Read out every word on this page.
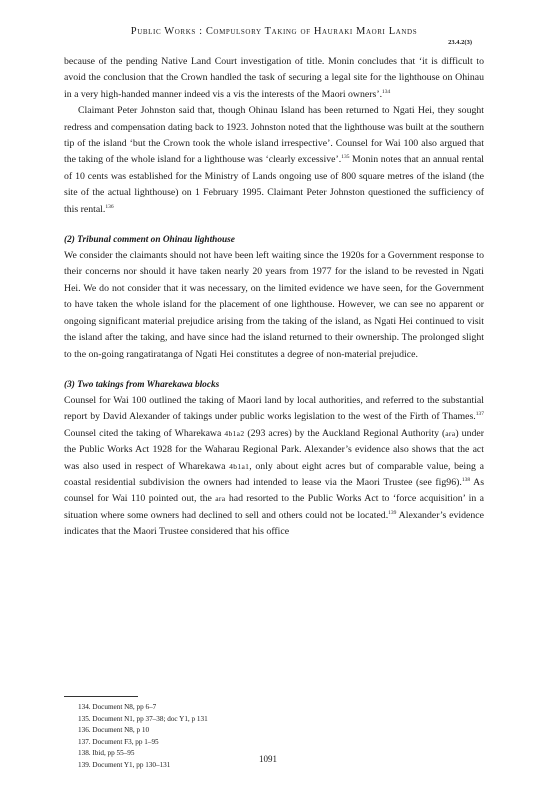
Public Works : Compulsory Taking of Hauraki Maori Lands
23.4.2(3)

because of the pending Native Land Court investigation of title. Monin concludes that ‘it is difficult to avoid the conclusion that the Crown handled the task of securing a legal site for the lighthouse on Ohinau in a very high-handed manner indeed vis a vis the interests of the Maori owners’.$^{134}$

Claimant Peter Johnston said that, though Ohinau Island has been returned to Ngati Hei, they sought redress and compensation dating back to 1923. Johnston noted that the lighthouse was built at the southern tip of the island ‘but the Crown took the whole island irrespective’. Counsel for Wai 100 also argued that the taking of the whole island for a lighthouse was ‘clearly excessive’.$^{135}$ Monin notes that an annual rental of 10 cents was established for the Ministry of Lands ongoing use of 800 square metres of the island (the site of the actual lighthouse) on 1 February 1995. Claimant Peter Johnston questioned the sufficiency of this rental.$^{136}$

(2) Tribunal comment on Ohinau lighthouse

We consider the claimants should not have been left waiting since the 1920s for a Government response to their concerns nor should it have taken nearly 20 years from 1977 for the island to be revested in Ngati Hei. We do not consider that it was necessary, on the limited evidence we have seen, for the Government to have taken the whole island for the placement of one lighthouse. However, we can see no apparent or ongoing significant material prejudice arising from the taking of the island, as Ngati Hei continued to visit the island after the taking, and have since had the island returned to their ownership. The prolonged slight to the on-going rangatiratanga of Ngati Hei constitutes a degree of non-material prejudice.

(3) Two takings from Wharekawa blocks

Counsel for Wai 100 outlined the taking of Maori land by local authorities, and referred to the substantial report by David Alexander of takings under public works legislation to the west of the Firth of Thames.$^{137}$ Counsel cited the taking of Wharekawa 4b1a2 (293 acres) by the Auckland Regional Authority (ara) under the Public Works Act 1928 for the Waharau Regional Park. Alexander’s evidence also shows that the act was also used in respect of Wharekawa 4b1a1, only about eight acres but of comparable value, being a coastal residential subdivision the owners had intended to lease via the Maori Trustee (see fig96).$^{138}$ As counsel for Wai 110 pointed out, the ara had resorted to the Public Works Act to ‘force acquisition’ in a situation where some owners had declined to sell and others could not be located.$^{139}$ Alexander’s evidence indicates that the Maori Trustee considered that his office

134. Document N8, pp 6–7
135. Document N1, pp 37–38; doc Y1, p 131
136. Document N8, p 10
137. Document F3, pp 1–95
138. Ibid, pp 55–95
139. Document Y1, pp 130–131
1091
